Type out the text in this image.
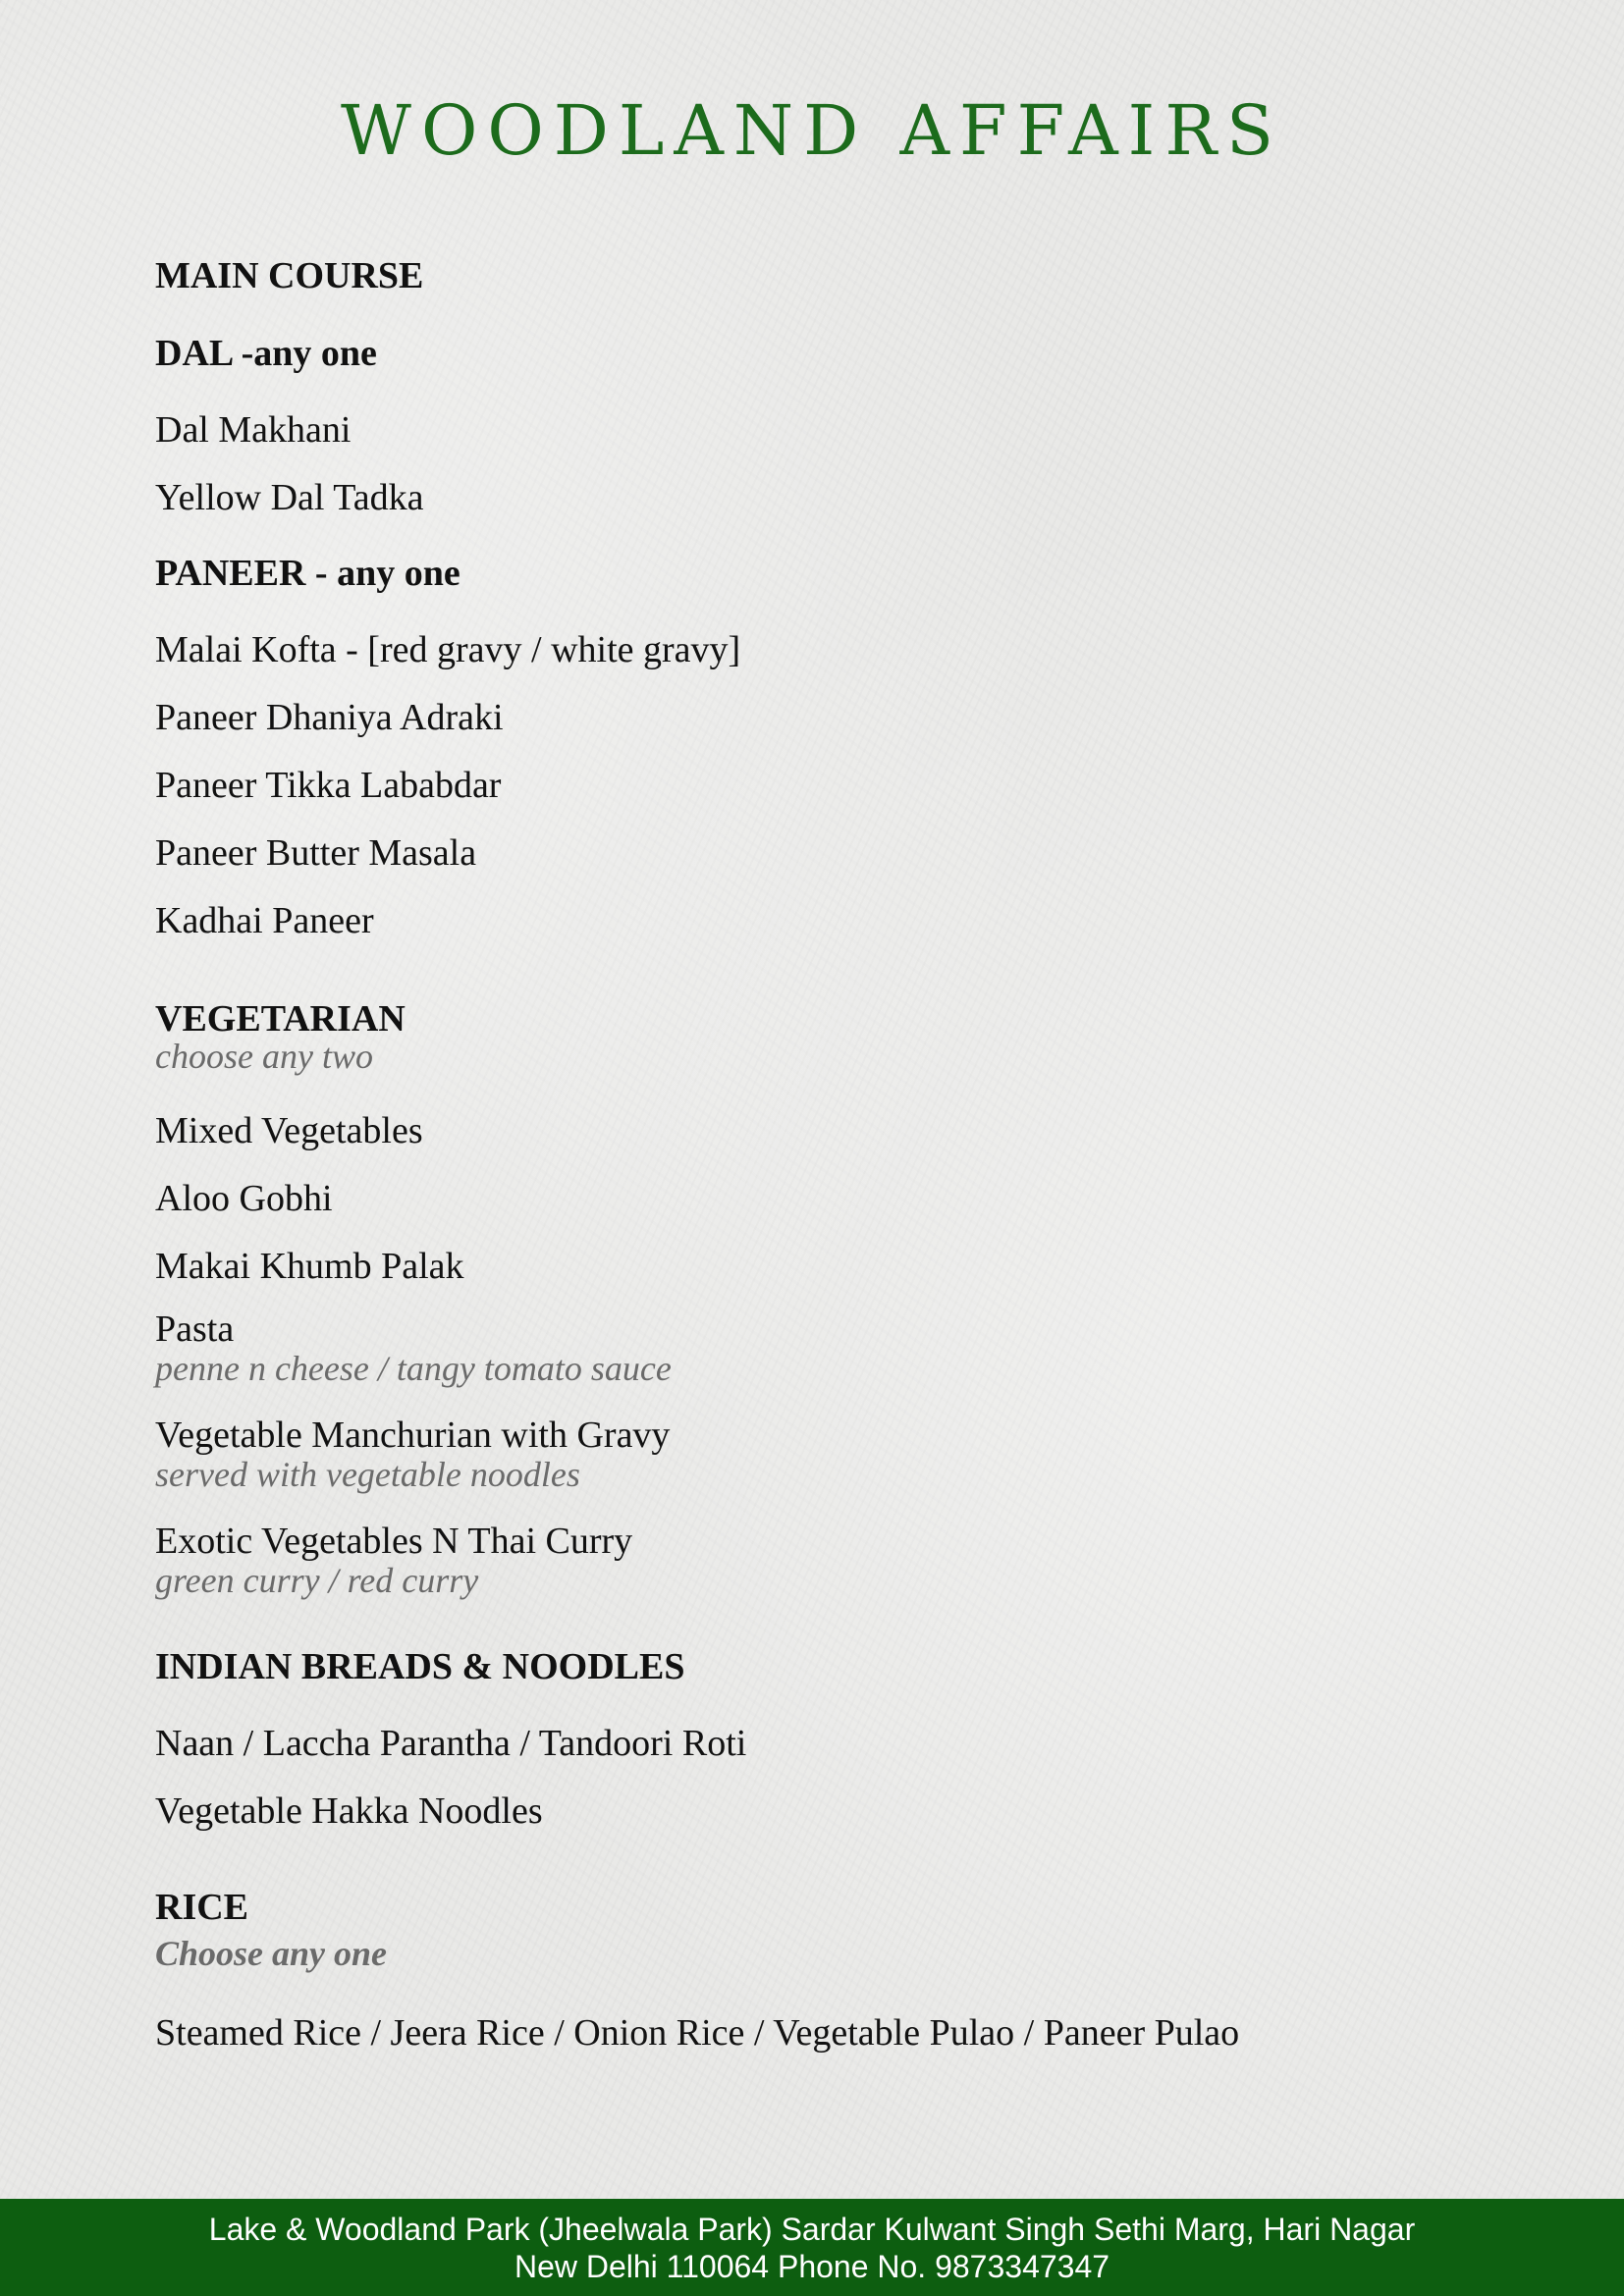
WOODLAND AFFAIRS
MAIN COURSE
DAL -any one
Dal Makhani
Yellow Dal Tadka
PANEER - any one
Malai Kofta - [red gravy / white gravy]
Paneer Dhaniya Adraki
Paneer Tikka Lababdar
Paneer Butter Masala
Kadhai Paneer
VEGETARIAN
choose any two
Mixed Vegetables
Aloo Gobhi
Makai Khumb Palak
Pasta
penne n cheese / tangy tomato sauce
Vegetable Manchurian with Gravy
served with vegetable noodles
Exotic Vegetables N Thai Curry
green curry / red curry
INDIAN BREADS & NOODLES
Naan / Laccha Parantha / Tandoori Roti
Vegetable Hakka Noodles
RICE
Choose any one
Steamed Rice / Jeera Rice / Onion Rice / Vegetable Pulao / Paneer Pulao
Lake & Woodland Park (Jheelwala Park) Sardar Kulwant Singh Sethi Marg, Hari Nagar
New Delhi 110064 Phone No. 9873347347
